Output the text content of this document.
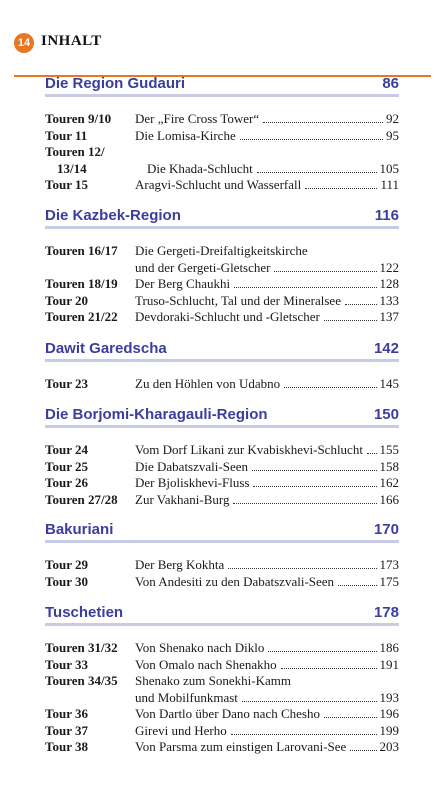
14 INHALT
Die Region Gudauri	86
Touren 9/10	Der „Fire Cross Tower“	92
Tour 11	Die Lomisa-Kirche	95
Touren 12/
13/14	Die Khada-Schlucht	105
Tour 15	Aragvi-Schlucht und Wasserfall	111
Die Kazbek-Region	116
Touren 16/17	Die Gergeti-Dreifaltigkeitskirche
und der Gergeti-Gletscher	122
Touren 18/19	Der Berg Chaukhi	128
Tour 20	Truso-Schlucht, Tal und der Mineralsee	133
Touren 21/22	Devdoraki-Schlucht und -Gletscher	137
Dawit Garedscha	142
Tour 23	Zu den Höhlen von Udabno	145
Die Borjomi-Kharagauli-Region	150
Tour 24	Vom Dorf Likani zur Kvabiskhevi-Schlucht 155
Tour 25	Die Dabatszvali-Seen	158
Tour 26	Der Bjoliskhevi-Fluss	162
Touren 27/28	Zur Vakhani-Burg	166
Bakuriani	170
Tour 29	Der Berg Kokhta	173
Tour 30	Von Andesiti zu den Dabatszvali-Seen	175
Tuschetien	178
Touren 31/32	Von Shenako nach Diklo	186
Tour 33	Von Omalo nach Shenakho	191
Touren 34/35	Shenako zum Sonekhi-Kamm
und Mobilfunkmast	193
Tour 36	Von Dartlo über Dano nach Chesho	196
Tour 37	Girevi und Herho	199
Tour 38	Von Parsma zum einstigen Larovani-See	203
